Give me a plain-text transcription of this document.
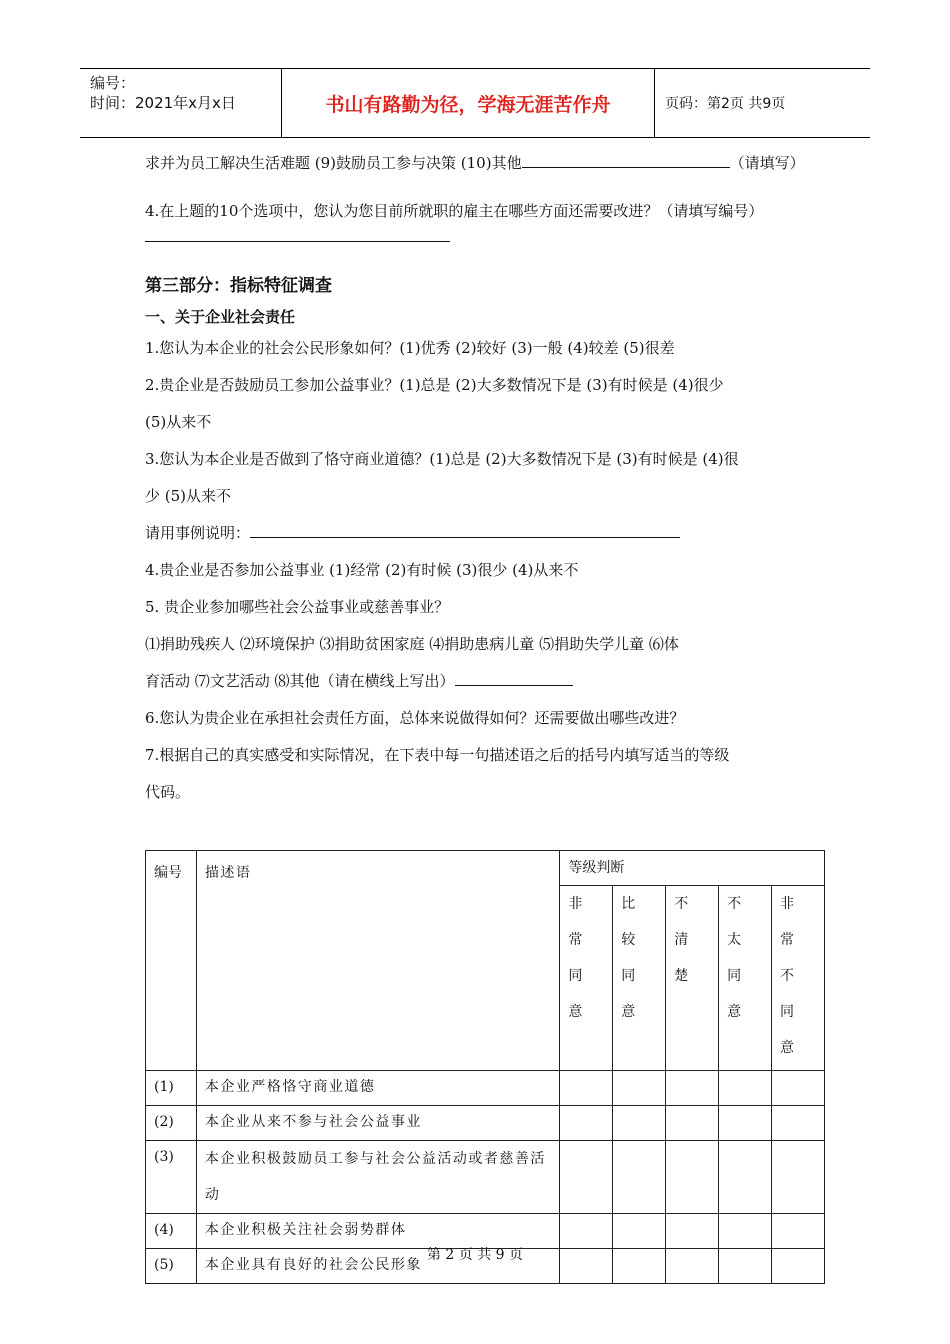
编号：
时间：2021年x月x日	书山有路勤为径，学海无涯苦作舟	页码：第2页 共9页

求并为员工解决生活难题 (9)鼓励员工参与决策 (10)其他	（请填写）

4.在上题的10个选项中，您认为您目前所就职的雇主在哪些方面还需要改进？（请填写编号）

第三部分：指标特征调查

一、关于企业社会责任

1.您认为本企业的社会公民形象如何？(1)优秀 (2)较好 (3)一般 (4)较差 (5)很差

2.贵企业是否鼓励员工参加公益事业？(1)总是 (2)大多数情况下是 (3)有时候是 (4)很少

(5)从来不

3.您认为本企业是否做到了恪守商业道德？(1)总是 (2)大多数情况下是 (3)有时候是 (4)很

少 (5)从来不

请用事例说明：

4.贵企业是否参加公益事业 (1)经常 (2)有时候 (3)很少 (4)从来不

5. 贵企业参加哪些社会公益事业或慈善事业？

⑴捐助残疾人 ⑵环境保护 ⑶捐助贫困家庭 ⑷捐助患病儿童 ⑸捐助失学儿童 ⑹体

育活动 ⑺文艺活动 ⑻其他（请在横线上写出）

6.您认为贵企业在承担社会责任方面，总体来说做得如何？还需要做出哪些改进？

7.根据自己的真实感受和实际情况，在下表中每一句描述语之后的括号内填写适当的等级

代码。

编号	描述语	等级判断				
		非常同意	比较同意	不清楚	不太同意	非常不同意
(1)	本企业严格恪守商业道德					
(2)	本企业从来不参与社会公益事业					
(3)	本企业积极鼓励员工参与社会公益活动或者慈善活动					
(4)	本企业积极关注社会弱势群体					
(5)	本企业具有良好的社会公民形象					
第 2 页 共 9 页
